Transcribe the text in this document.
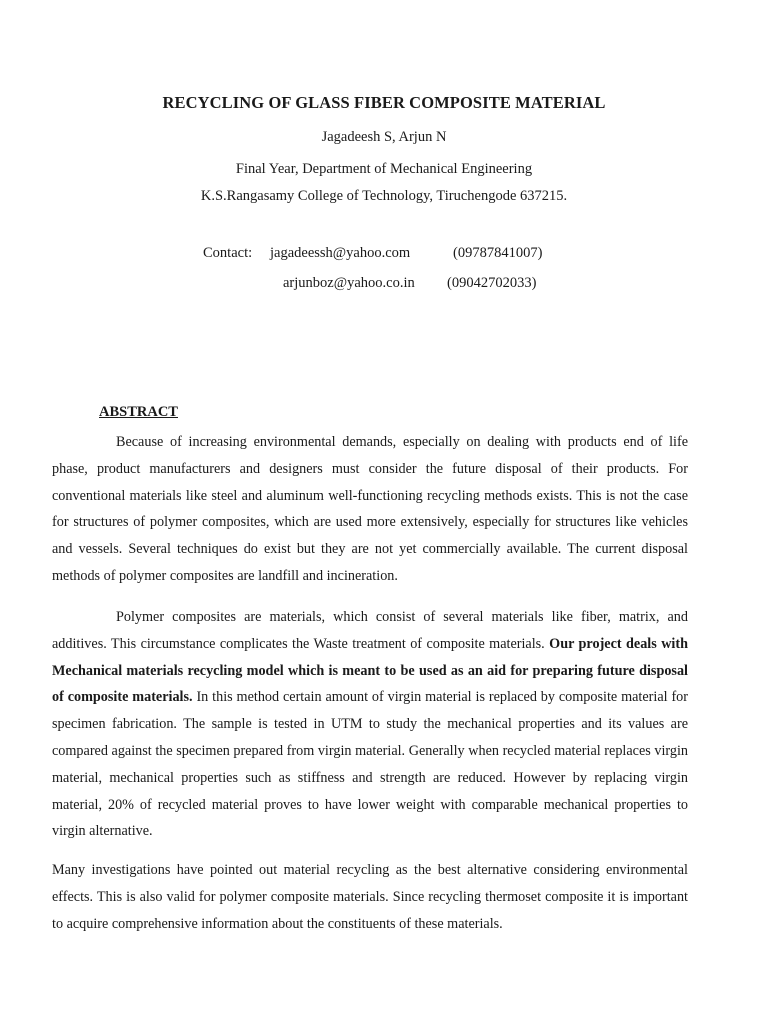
RECYCLING OF GLASS FIBER COMPOSITE MATERIAL
Jagadeesh S, Arjun N
Final Year, Department of Mechanical Engineering
K.S.Rangasamy College of Technology, Tiruchengode 637215.
Contact: jagadeessh@yahoo.com	(09787841007)
arjunboz@yahoo.co.in (09042702033)
ABSTRACT

Because of increasing environmental demands, especially on dealing with products end of life phase, product manufacturers and designers must consider the future disposal of their products. For conventional materials like steel and aluminum well-functioning recycling methods exists. This is not the case for structures of polymer composites, which are used more extensively, especially for structures like vehicles and vessels. Several techniques do exist but they are not yet commercially available. The current disposal methods of polymer composites are landfill and incineration.

Polymer composites are materials, which consist of several materials like fiber, matrix, and additives. This circumstance complicates the Waste treatment of composite materials. Our project deals with Mechanical materials recycling model which is meant to be used as an aid for preparing future disposal of composite materials. In this method certain amount of virgin material is replaced by composite material for specimen fabrication. The sample is tested in UTM to study the mechanical properties and its values are compared against the specimen prepared from virgin material. Generally when recycled material replaces virgin material, mechanical properties such as stiffness and strength are reduced. However by replacing virgin material, 20% of recycled material proves to have lower weight with comparable mechanical properties to virgin alternative.

Many investigations have pointed out material recycling as the best alternative considering environmental effects. This is also valid for polymer composite materials. Since recycling thermoset composite it is important to acquire comprehensive information about the constituents of these materials.
